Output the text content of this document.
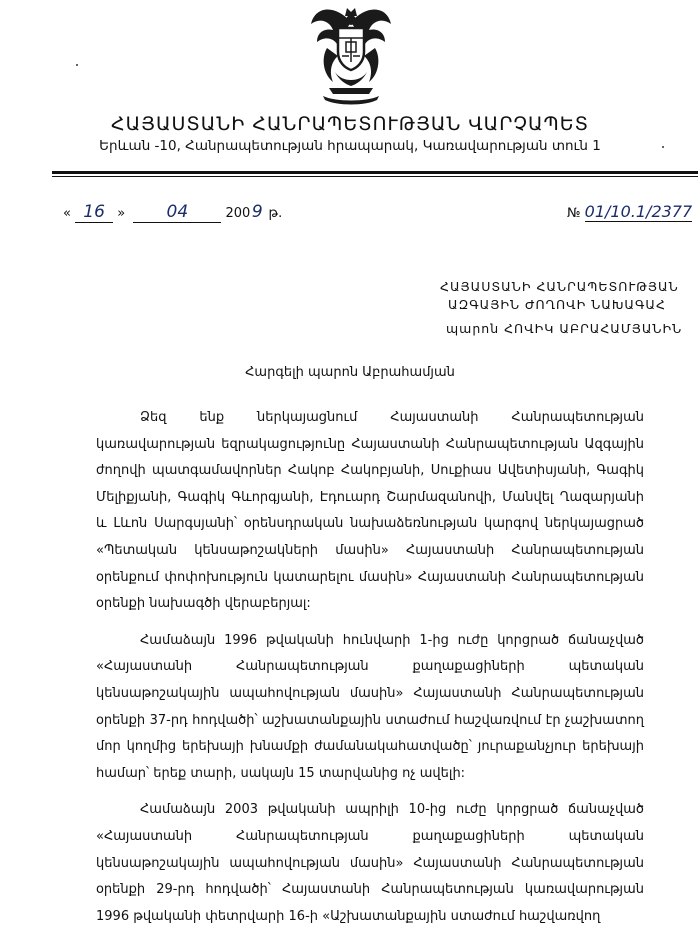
ՀԱՅԱՍՏԱՆԻ ՀԱՆՐԱՊԵՏՈՒԹՅԱՆ ՎԱՐՉԱՊԵՏ
Երևան -10, Հանրապետության հրապարակ, Կառավարության տուն 1
« 16 » 04	2009 թ.	№ 01/10.1/2377
ՀԱՅԱՍՏԱՆԻ ՀԱՆՐԱՊԵՏՈՒԹՅԱՆ
ԱԶԳԱՅԻՆ ԺՈՂՈՎԻ ՆԱԽԱԳԱՀ
պարոն ՀՈՎԻԿ ԱԲՐԱՀԱՄՅԱՆԻՆ
Հարգելի պարոն Աբրահամյան

Ձեզ ենք ներկայացնում Հայաստանի Հանրապետության կառավարության եզրակացությունը Հայաստանի Հանրապետության Ազգային ժողովի պատգամավորներ Հակոբ Հակոբյանի, Սուքիաս Ավետիսյանի, Գագիկ Մելիքյանի, Գագիկ Գևորգյանի, Էդուարդ Շարմազանովի, Մանվել Ղազարյանի և Լևոն Սարգսյանի՝ օրենսդրական նախաձեռնության կարգով ներկայացրած «Պետական կենսաթոշակների մասին» Հայաստանի Հանրապետության օրենքում փոփոխություն կատարելու մասին» Հայաստանի Հանրապետության օրենքի նախագծի վերաբերյալ:

Համաձայն 1996 թվականի հունվարի 1-ից ուժը կորցրած ճանաչված «Հայաստանի Հանրապետության քաղաքացիների պետական կենսաթոշակային ապահովության մասին» Հայաստանի Հանրապետության օրենքի 37-րդ հոդվածի՝ աշխատանքային ստաժում հաշվառվում էր չաշխատող մոր կողմից երեխայի խնամքի ժամանակահատվածը՝ յուրաքանչյուր երեխայի համար՝ երեք տարի, սակայն 15 տարվանից ոչ ավելի:

Համաձայն 2003 թվականի ապրիլի 10-ից ուժը կորցրած ճանաչված «Հայաստանի Հանրապետության քաղաքացիների պետական կենսաթոշակային ապահովության մասին» Հայաստանի Հանրապետության օրենքի 29-րդ հոդվածի՝ Հայաստանի Հանրապետության կառավարության 1996 թվականի փետրվարի 16-ի «Աշխատանքային ստաժում հաշվառվող
